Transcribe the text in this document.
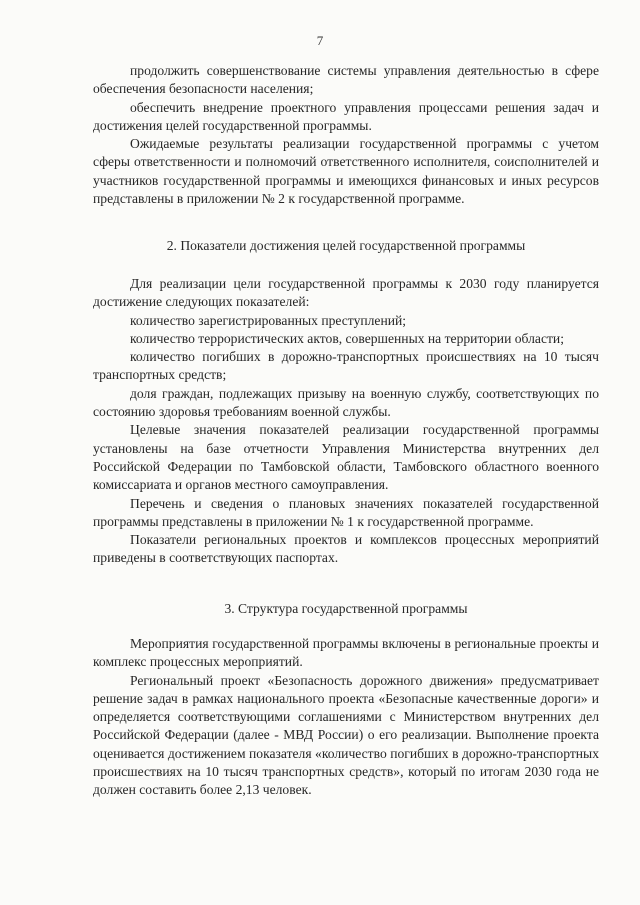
7

продолжить совершенствование системы управления деятельностью в сфере обеспечения безопасности населения;

обеспечить внедрение проектного управления процессами решения задач и достижения целей государственной программы.

Ожидаемые результаты реализации государственной программы с учетом сферы ответственности и полномочий ответственного исполнителя, соисполнителей и участников государственной программы и имеющихся финансовых и иных ресурсов представлены в приложении № 2 к государственной программе.

2. Показатели достижения целей государственной программы

Для реализации цели государственной программы к 2030 году планируется достижение следующих показателей:

количество зарегистрированных преступлений;

количество террористических актов, совершенных на территории области;

количество погибших в дорожно-транспортных происшествиях на 10 тысяч транспортных средств;

доля граждан, подлежащих призыву на военную службу, соответствующих по состоянию здоровья требованиям военной службы.

Целевые значения показателей реализации государственной программы установлены на базе отчетности Управления Министерства внутренних дел Российской Федерации по Тамбовской области, Тамбовского областного военного комиссариата и органов местного самоуправления.

Перечень и сведения о плановых значениях показателей государственной программы представлены в приложении № 1 к государственной программе.

Показатели региональных проектов и комплексов процессных мероприятий приведены в соответствующих паспортах.

3. Структура государственной программы

Мероприятия государственной программы включены в региональные проекты и комплекс процессных мероприятий.

Региональный проект «Безопасность дорожного движения» предусматривает решение задач в рамках национального проекта «Безопасные качественные дороги» и определяется соответствующими соглашениями с Министерством внутренних дел Российской Федерации (далее - МВД России) о его реализации. Выполнение проекта оценивается достижением показателя «количество погибших в дорожно-транспортных происшествиях на 10 тысяч транспортных средств», который по итогам 2030 года не должен составить более 2,13 человек.
